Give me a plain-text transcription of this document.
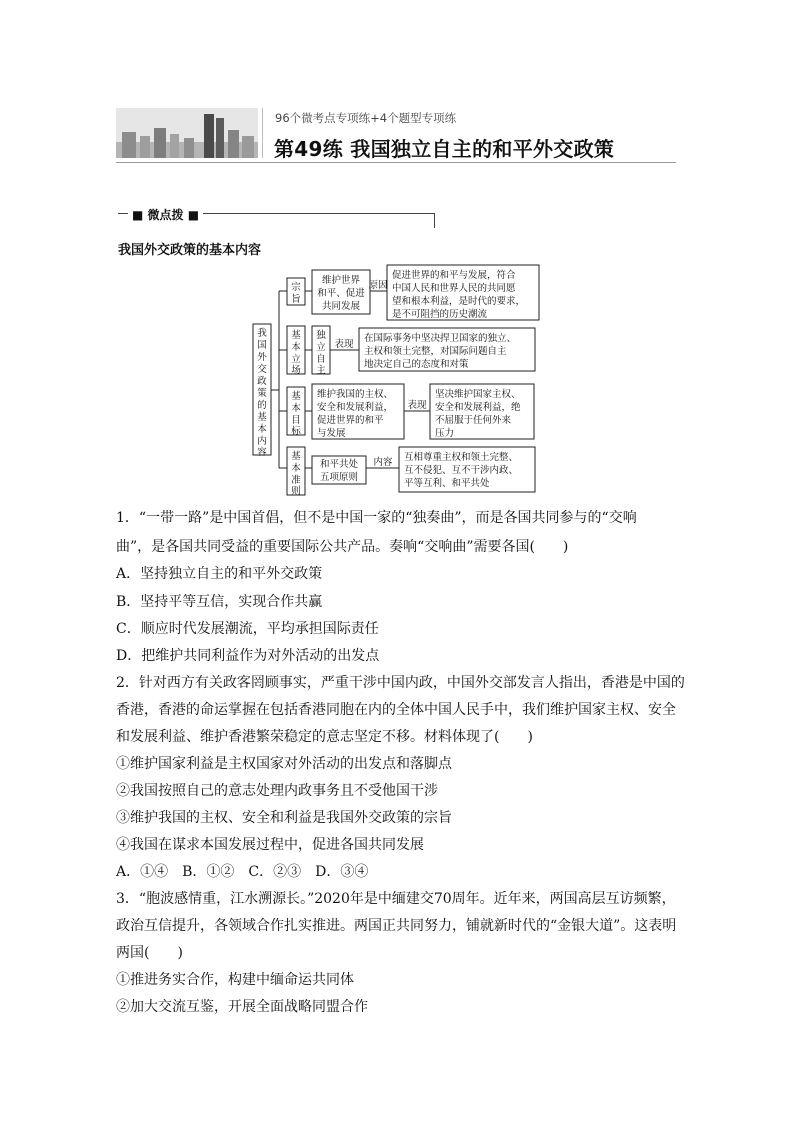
96个微考点专项练+4个题型专项练
第49练 我国独立自主的和平外交政策
■ 微点拨 ■
我国外交政策的基本内容
我
国
外
交
政
策
的
基
本
内
容
宗
旨
维护世界
和平、促进
共同发展
原因
促进世界的和平与发展，符合
中国人民和世界人民的共同愿
望和根本利益，是时代的要求，
是不可阻挡的历史潮流
基
本
立
场
独
立
自
主
表现
在国际事务中坚决捍卫国家的独立、
主权和领土完整，对国际问题自主
地决定自己的态度和对策
基
本
目
标
维护我国的主权、
安全和发展利益，
促进世界的和平
与发展
表现
坚决维护国家主权、
安全和发展利益，绝
不屈服于任何外来
压力
基
本
准
则
和平共处
五项原则
内容 互相尊重主权和领土完整、
互不侵犯、互不干涉内政、
平等互利、和平共处
1．“一带一路”是中国首倡，但不是中国一家的“独奏曲”，而是各国共同参与的“交响
曲”，是各国共同受益的重要国际公共产品。奏响“交响曲”需要各国(　　)
A．坚持独立自主的和平外交政策
B．坚持平等互信，实现合作共赢
C．顺应时代发展潮流，平均承担国际责任
D．把维护共同利益作为对外活动的出发点
2．针对西方有关政客罔顾事实，严重干涉中国内政，中国外交部发言人指出，香港是中国的
香港，香港的命运掌握在包括香港同胞在内的全体中国人民手中，我们维护国家主权、安全
和发展利益、维护香港繁荣稳定的意志坚定不移。材料体现了(　　)
①维护国家利益是主权国家对外活动的出发点和落脚点
②我国按照自己的意志处理内政事务且不受他国干涉
③维护我国的主权、安全和利益是我国外交政策的宗旨
④我国在谋求本国发展过程中，促进各国共同发展
A．①④　B．①②　C．②③　D．③④
3．“胞波感情重，江水溯源长。”2020年是中缅建交70周年。近年来，两国高层互访频繁，
政治互信提升，各领域合作扎实推进。两国正共同努力，铺就新时代的“金银大道”。这表明
两国(　　)
①推进务实合作，构建中缅命运共同体
②加大交流互鉴，开展全面战略同盟合作
